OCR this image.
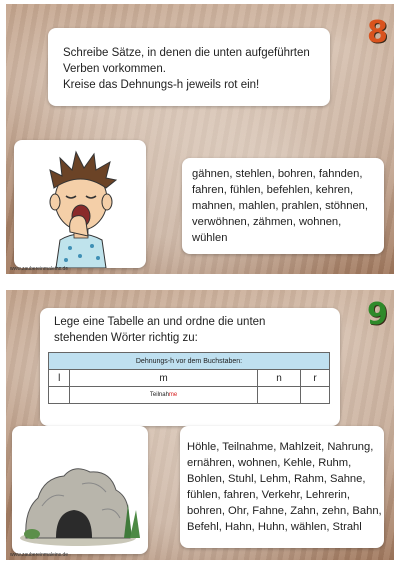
Schreibe Sätze, in denen die unten aufgeführten
Verben vorkommen.
Kreise das Dehnungs-h jeweils rot ein!
8
gähnen, stehlen, bohren, fahnden,
fahren, fühlen, befehlen, kehren,
mahnen, mahlen, prahlen, stöhnen,
verwöhnen, zähmen, wohnen,
wühlen
www.zaubereinmaleins.de
Lege eine Tabelle an und ordne die unten
stehenden Wörter richtig zu:
Dehnungs-h vor dem Buchstaben:			
l	m	n	r
	Teilnahme		
9
Höhle, Teilnahme, Mahlzeit, Nahrung,
ernähren, wohnen, Kehle, Ruhm,
Bohlen, Stuhl, Lehm, Rahm, Sahne,
fühlen, fahren, Verkehr, Lehrerin,
bohren, Ohr, Fahne, Zahn, zehn, Bahn,
Befehl, Hahn, Huhn, wählen, Strahl
www.zaubereinmaleins.de
